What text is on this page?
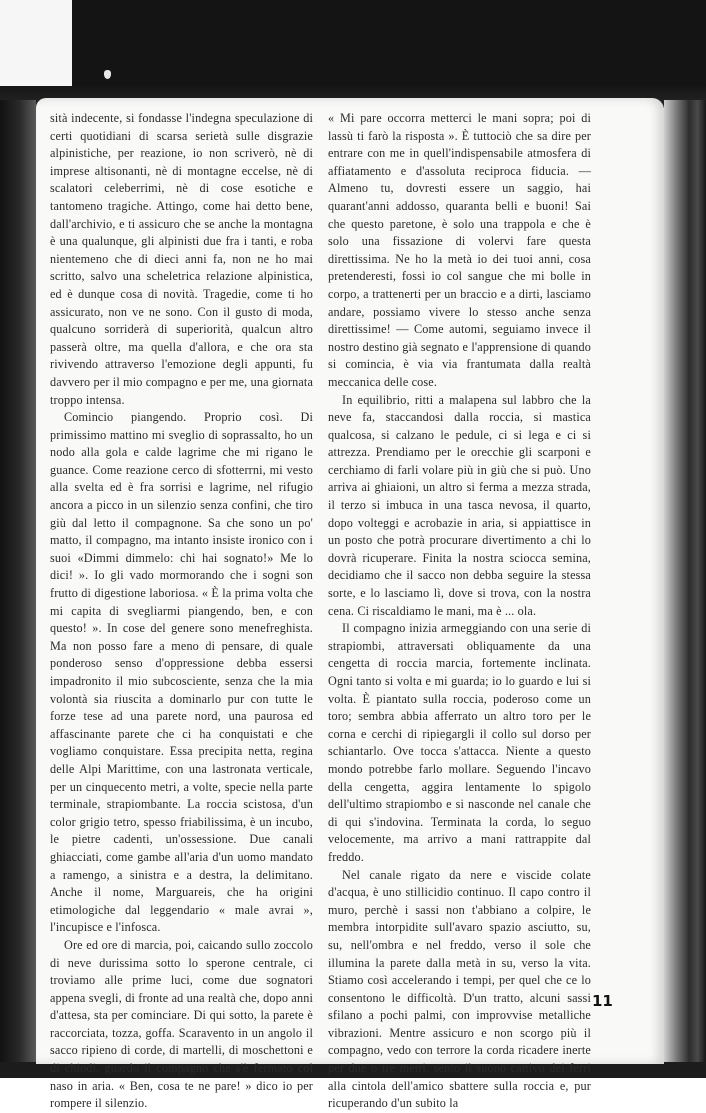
sità indecente, si fondasse l'indegna speculazione di certi quotidiani di scarsa serietà sulle disgrazie alpinistiche, per reazione, io non scriverò, nè di imprese altisonanti, nè di montagne eccelse, nè di scalatori celeberrimi, nè di cose esotiche e tantomeno tragiche. Attingo, come hai detto bene, dall'archivio, e ti assicuro che se anche la montagna è una qualunque, gli alpinisti due fra i tanti, e roba nientemeno che di dieci anni fa, non ne ho mai scritto, salvo una scheletrica relazione alpinistica, ed è dunque cosa di novità. Tragedie, come ti ho assicurato, non ve ne sono. Con il gusto di moda, qualcuno sorriderà di superiorità, qualcun altro passerà oltre, ma quella d'allora, e che ora sta rivivendo attraverso l'emozione degli appunti, fu davvero per il mio compagno e per me, una giornata troppo intensa.

Comincio piangendo. Proprio così. Di primissimo mattino mi sveglio di soprassalto, ho un nodo alla gola e calde lagrime che mi rigano le guance. Come reazione cerco di sfotterrni, mi vesto alla svelta ed è fra sorrisi e lagrime, nel rifugio ancora a picco in un silenzio senza confini, che tiro giù dal letto il compagnone. Sa che sono un po' matto, il compagno, ma intanto insiste ironico con i suoi «Dimmi dimmelo: chi hai sognato!» Me lo dici! ». Io gli vado mormorando che i sogni son frutto di digestione laboriosa. « È la prima volta che mi capita di svegliarmi piangendo, ben, e con questo! ». In cose del genere sono menefreghista. Ma non posso fare a meno di pensare, di quale ponderoso senso d'oppressione debba essersi impadronito il mio subcosciente, senza che la mia volontà sia riuscita a dominarlo pur con tutte le forze tese ad una parete nord, una paurosa ed affascinante parete che ci ha conquistati e che vogliamo conquistare. Essa precipita netta, regina delle Alpi Marittime, con una lastronata verticale, per un cinquecento metri, a volte, specie nella parte terminale, strapiombante. La roccia scistosa, d'un color grigio tetro, spesso friabilissima, è un incubo, le pietre cadenti, un'ossessione. Due canali ghiacciati, come gambe all'aria d'un uomo mandato a ramengo, a sinistra e a destra, la delimitano. Anche il nome, Marguareis, che ha origini etimologiche dal leggendario « male avrai », l'incupisce e l'infosca.

Ore ed ore di marcia, poi, caicando sullo zoccolo di neve durissima sotto lo sperone centrale, ci troviamo alle prime luci, come due sognatori appena svegli, di fronte ad una realtà che, dopo anni d'attesa, sta per cominciare. Di qui sotto, la parete è raccorciata, tozza, goffa. Scaravento in un angolo il sacco ripieno di corde, di martelli, di moschettoni e di chiodi, guardo il compagno che s'è fermato col naso in aria. « Ben, cosa te ne pare! » dico io per rompere il silenzio.

« Mi pare occorra metterci le mani sopra; poi di lassù ti farò la risposta ». È tuttociò che sa dire per entrare con me in quell'indispensabile atmosfera di affiatamento e d'assoluta reciproca fiducia. — Almeno tu, dovresti essere un saggio, hai quarant'anni addosso, quaranta belli e buoni! Sai che questo paretone, è solo una trappola e che è solo una fissazione di volervi fare questa direttissima. Ne ho la metà io dei tuoi anni, cosa pretenderesti, fossi io col sangue che mi bolle in corpo, a trattenerti per un braccio e a dirti, lasciamo andare, possiamo vivere lo stesso anche senza direttissime! — Come automi, seguiamo invece il nostro destino già segnato e l'apprensione di quando si comincia, è via via frantumata dalla realtà meccanica delle cose.

In equilibrio, ritti a malapena sul labbro che la neve fa, staccandosi dalla roccia, si mastica qualcosa, si calzano le pedule, ci si lega e ci si attrezza. Prendiamo per le orecchie gli scarponi e cerchiamo di farli volare più in giù che si può. Uno arriva ai ghiaioni, un altro si ferma a mezza strada, il terzo si imbuca in una tasca nevosa, il quarto, dopo volteggi e acrobazie in aria, si appiattisce in un posto che potrà procurare divertimento a chi lo dovrà ricuperare. Finita la nostra sciocca semina, decidiamo che il sacco non debba seguire la stessa sorte, e lo lasciamo lì, dove si trova, con la nostra cena. Ci riscaldiamo le mani, ma è ... ola.

Il compagno inizia armeggiando con una serie di strapiombi, attraversati obliquamente da una cengetta di roccia marcia, fortemente inclinata. Ogni tanto si volta e mi guarda; io lo guardo e lui si volta. È piantato sulla roccia, poderoso come un toro; sembra abbia afferrato un altro toro per le corna e cerchi di ripiegargli il collo sul dorso per schiantarlo. Ove tocca s'attacca. Niente a questo mondo potrebbe farlo mollare. Seguendo l'incavo della cengetta, aggira lentamente lo spigolo dell'ultimo strapiombo e si nasconde nel canale che di qui s'indovina. Terminata la corda, lo seguo velocemente, ma arrivo a mani rattrappite dal freddo.

Nel canale rigato da nere e viscide colate d'acqua, è uno stillicidio continuo. Il capo contro il muro, perchè i sassi non t'abbiano a colpire, le membra intorpidite sull'avaro spazio asciutto, su, su, nell'ombra e nel freddo, verso il sole che illumina la parete dalla metà in su, verso la vita. Stiamo così accelerando i tempi, per quel che ce lo consentono le difficoltà. D'un tratto, alcuni sassi sfilano a pochi palmi, con improvvise metalliche vibrazioni. Mentre assicuro e non scorgo più il compagno, vedo con terrore la corda ricadere inerte per due o tre metri, sento il suono cattivo dei ferri alla cintola dell'amico sbattere sulla roccia e, pur ricuperando d'un subito la

11
